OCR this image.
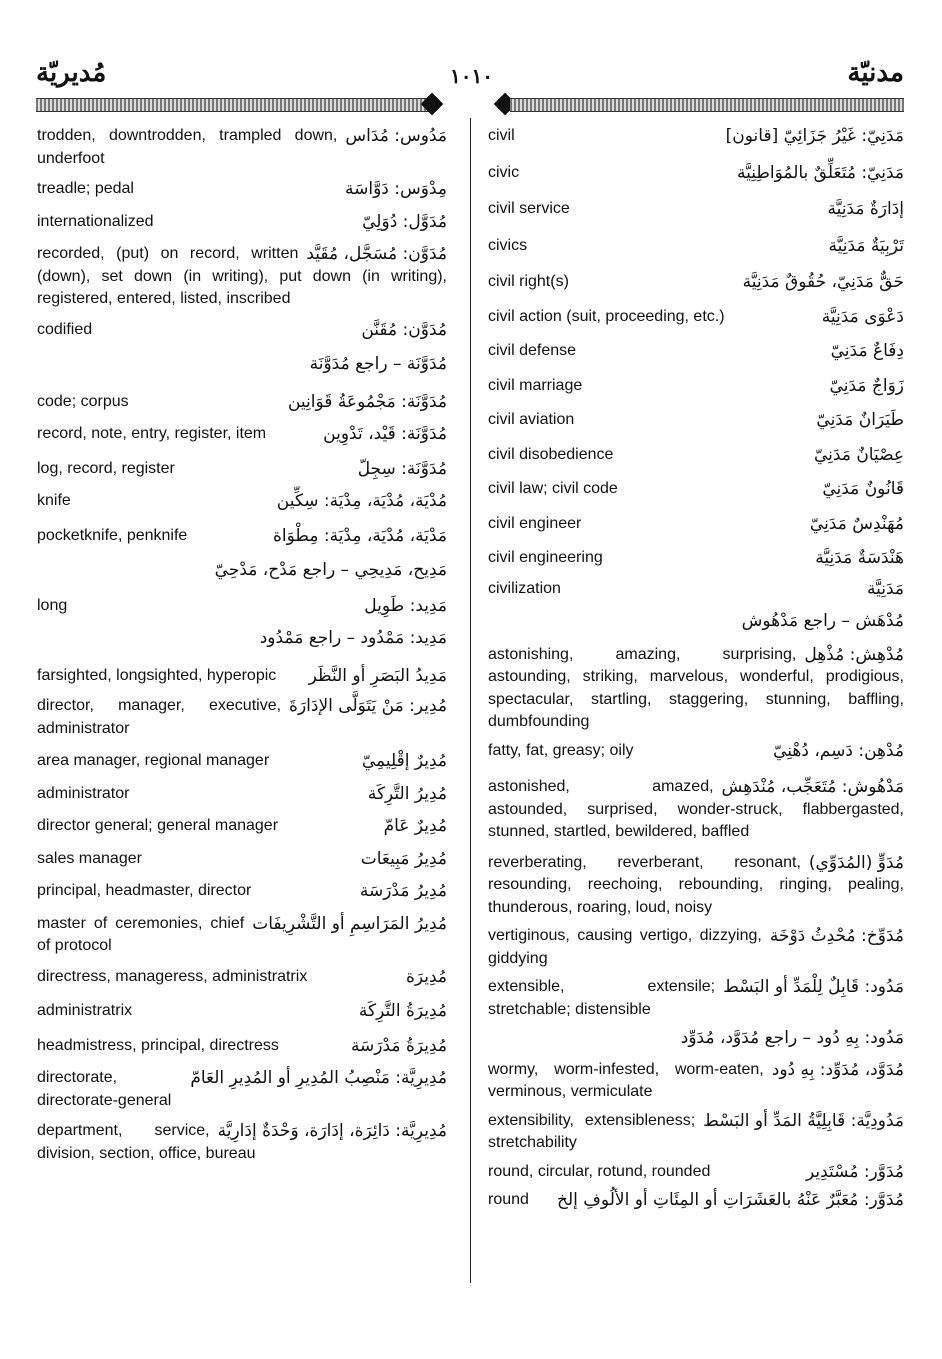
مُديريّة	١٠١٠	مدنيّة
مَدُوس: مُدَاس
trodden, downtrodden, trampled down, underfoot
مِدْوَس: دَوَّاسَة
treadle; pedal
مُدَوَّل: دُوَلِيّ
internationalized
مُدَوَّن: مُسَجَّل، مُقَيَّد
recorded, (put) on record, written (down), set down (in writing), put down (in writing), registered, entered, listed, inscribed
مُدَوَّن: مُقَنَّن
codified
مُدَوَّنَة – راجع مُدَوَّنَة
مُدَوَّنَة: مَجْمُوعَةُ قَوَانِين
code; corpus
مُدَوَّنَة: قَيْد، تَدْوِين
record, note, entry, register, item
مُدَوَّنَة: سِجِلّ
log, record, register
مُدْيَة، مُدْيَة، مِدْيَة: سِكِّين
knife
مَدْيَة، مُدْيَة، مِدْيَة: مِطْوَاة
pocketknife, penknife
مَدِيح، مَدِيحِي – راجع مَدْح، مَدْحِيّ
مَدِيد: طَوِيل
long
مَدِيد: مَمْدُود – راجع مَمْدُود
مَدِيدُ البَصَرِ أو النَّظَر
farsighted, longsighted, hyperopic
مُدِير: مَنْ يَتَوَلَّى الإدَارَةَ
director, manager, executive, administrator
مُدِيرٌ إقْلِيمِيّ
area manager, regional manager
مُدِيرُ التَّرِكَة
administrator
مُدِيرٌ عَامّ
director general; general manager
مُدِيرُ مَبِيعَات
sales manager
مُدِيرُ مَدْرَسَة
principal, headmaster, director
مُدِيرُ المَرَاسِمِ أو التَّشْرِيفَات
master of ceremonies, chief of protocol
مُدِيرَة
directress, manageress, administratrix
مُدِيرَةُ التَّرِكَة
administratrix
مُدِيرَةُ مَدْرَسَة
headmistress, principal, directress
مُدِيرِيَّة: مَنْصِبُ المُدِيرِ أو المُدِيرِ العَامّ
directorate, directorate-general
مُدِيرِيَّة: دَائِرَة، إدَارَة، وَحْدَةٌ إدَارِيَّة
department, service, division, section, office, bureau
مَدَنِيّ: غَيْرُ جَزَائِيّ [قانون]
civil
مَدَنِيّ: مُتَعَلِّقٌ بالمُوَاطِنِيَّة
civic
إدَارَةٌ مَدَنِيَّة
civil service
تَرْبِيَةٌ مَدَنِيَّة
civics
حَقٌّ مَدَنِيّ، حُقُوقٌ مَدَنِيَّة
civil right(s)
دَعْوَى مَدَنِيَّة
civil action (suit, proceeding, etc.)
دِفَاعٌ مَدَنِيّ
civil defense
زَوَاجٌ مَدَنِيّ
civil marriage
طَيَرَانٌ مَدَنِيّ
civil aviation
عِصْيَانٌ مَدَنِيّ
civil disobedience
قَانُونٌ مَدَنِيّ
civil law; civil code
مُهَنْدِسٌ مَدَنِيّ
civil engineer
هَنْدَسَةٌ مَدَنِيَّة
civil engineering
مَدَنِيَّة
civilization
مُدْهَش – راجع مَدْهُوش
مُدْهِش: مُذْهِل
astonishing, amazing, surprising, astounding, striking, marvelous, wonderful, prodigious, spectacular, startling, staggering, stunning, baffling, dumbfounding
مُدْهِن: دَسِم، دُهْنِيّ
fatty, fat, greasy; oily
مَدْهُوش: مُتَعَجِّب، مُنْدَهِش
astonished, amazed, astounded, surprised, wonder-struck, flabbergasted, stunned, startled, bewildered, baffled
مُدَوٍّ (المُدَوِّي)
reverberating, reverberant, resonant, resounding, reechoing, rebounding, ringing, pealing, thunderous, roaring, loud, noisy
مُدَوِّخ: مُحْدِثُ دَوْخَة
vertiginous, causing vertigo, dizzying, giddying
مَدُود: قَابِلٌ لِلْمَدِّ أو البَسْط
extensible, extensile; stretchable; distensible
مَدُود: بِهِ دُود – راجع مُدَوَّد، مُدَوِّد
مُدَوَّد، مُدَوِّد: بِهِ دُود
wormy, worm-infested, worm-eaten, verminous, vermiculate
مَدُودِيَّة: قَابِلِيَّةُ المَدِّ أو البَسْط
extensibility, extensibleness; stretchability
مُدَوَّر: مُسْتَدِير
round, circular, rotund, rounded
مُدَوَّر: مُعَبَّرٌ عَنْهُ بالعَشَرَاتِ أو المِئَاتِ أو الألُوفِ إلخ
round
